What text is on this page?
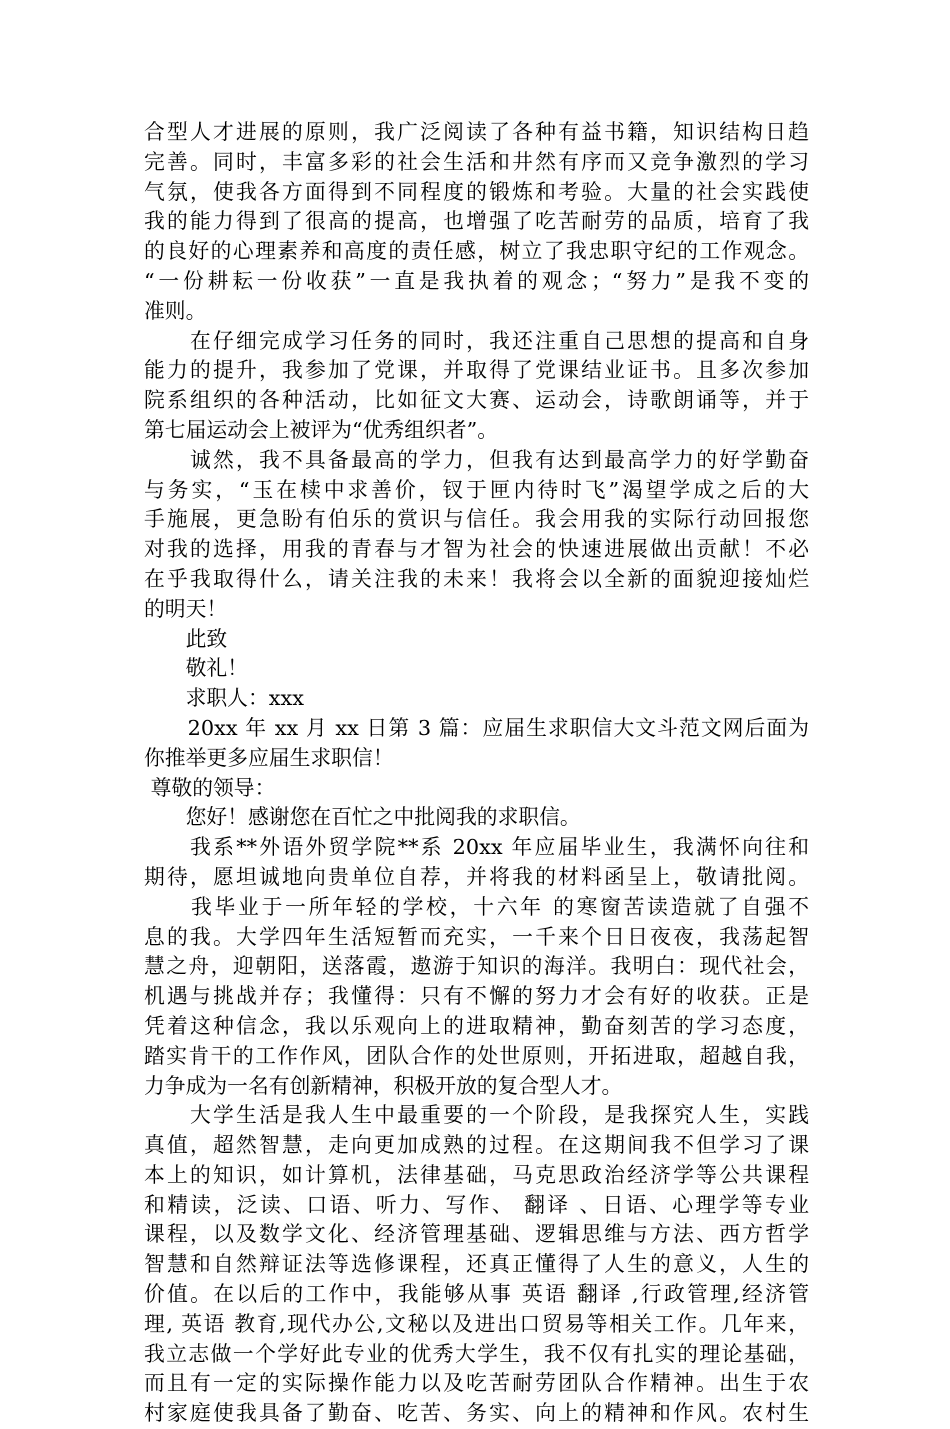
合型人才进展的原则，我广泛阅读了各种有益书籍，知识结构日趋
完善。同时，丰富多彩的社会生活和井然有序而又竞争激烈的学习
气氛，使我各方面得到不同程度的锻炼和考验。大量的社会实践使
我的能力得到了很高的提高，也增强了吃苦耐劳的品质，培育了我
的良好的心理素养和高度的责任感，树立了我忠职守纪的工作观念。
“一份耕耘一份收获”一直是我执着的观念；“努力”是我不变的
准则。
　　在仔细完成学习任务的同时，我还注重自己思想的提高和自身
能力的提升，我参加了党课，并取得了党课结业证书。且多次参加
院系组织的各种活动，比如征文大赛、运动会，诗歌朗诵等，并于
第七届运动会上被评为“优秀组织者”。
　　诚然，我不具备最高的学力，但我有达到最高学力的好学勤奋
与务实，“玉在椟中求善价，钗于匣内待时飞”渴望学成之后的大
手施展，更急盼有伯乐的赏识与信任。我会用我的实际行动回报您
对我的选择，用我的青春与才智为社会的快速进展做出贡献！不必
在乎我取得什么，请关注我的未来！我将会以全新的面貌迎接灿烂
的明天！
　　此致
　　敬礼！
　　求职人：xxx
　　20xx 年 xx 月 xx 日第 3 篇：应届生求职信大文斗范文网后面为
你推举更多应届生求职信！
尊敬的领导：
　　您好！感谢您在百忙之中批阅我的求职信。
　　我系**外语外贸学院**系 20xx 年应届毕业生，我满怀向往和
期待，愿坦诚地向贵单位自荐，并将我的材料函呈上，敬请批阅。
　　我毕业于一所年轻的学校，十六年 的寒窗苦读造就了自强不
息的我。大学四年生活短暂而充实，一千来个日日夜夜，我荡起智
慧之舟，迎朝阳，送落霞，遨游于知识的海洋。我明白：现代社会，
机遇与挑战并存；我懂得：只有不懈的努力才会有好的收获。正是
凭着这种信念，我以乐观向上的进取精神，勤奋刻苦的学习态度，
踏实肯干的工作作风，团队合作的处世原则，开拓进取，超越自我，
力争成为一名有创新精神，积极开放的复合型人才。
　　大学生活是我人生中最重要的一个阶段，是我探究人生，实践
真值，超然智慧，走向更加成熟的过程。在这期间我不但学习了课
本上的知识，如计算机，法律基础，马克思政治经济学等公共课程
和精读，泛读、口语、听力、写作、 翻译 、日语、心理学等专业
课程，以及数学文化、经济管理基础、逻辑思维与方法、西方哲学
智慧和自然辩证法等选修课程，还真正懂得了人生的意义，人生的
价值。在以后的工作中，我能够从事 英语 翻译 ,行政管理,经济管
理, 英语 教育,现代办公,文秘以及进出口贸易等相关工作。几年来，
我立志做一个学好此专业的优秀大学生，我不仅有扎实的理论基础，
而且有一定的实际操作能力以及吃苦耐劳团队合作精神。出生于农
村家庭使我具备了勤奋、吃苦、务实、向上的精神和作风。农村生
